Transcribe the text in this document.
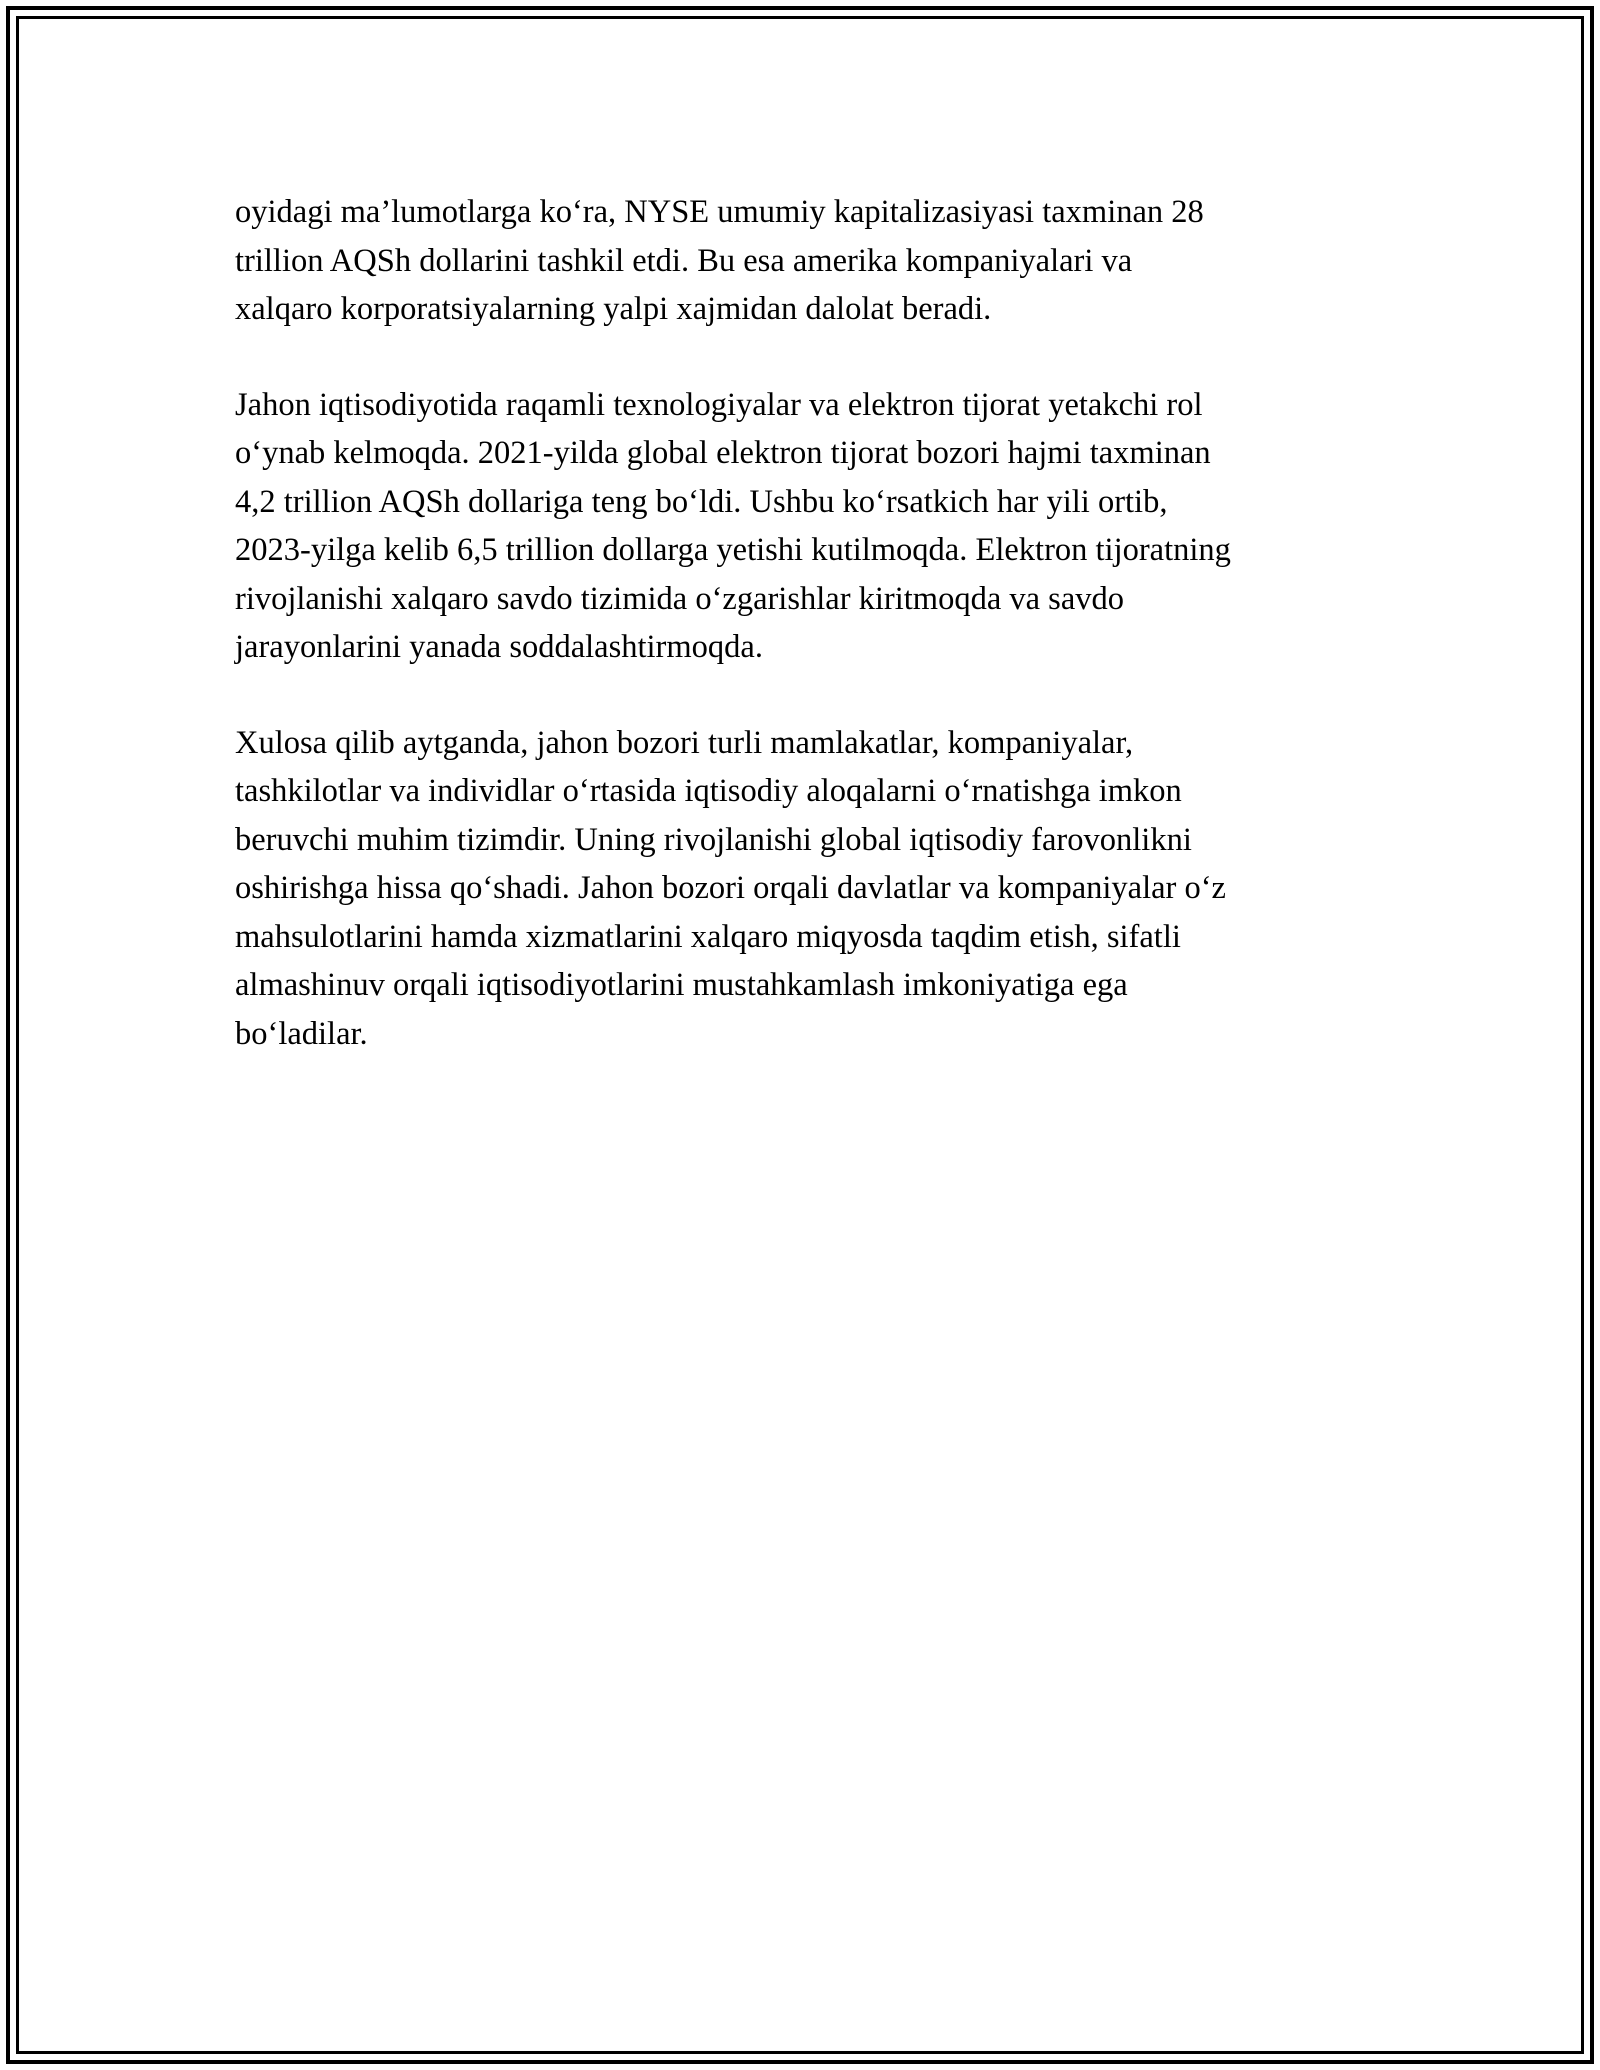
oyidagi ma’lumotlarga ko‘ra, NYSE umumiy kapitalizasiyasi taxminan 28
trillion AQSh dollarini tashkil etdi. Bu esa amerika kompaniyalari va
xalqaro korporatsiyalarning yalpi xajmidan dalolat beradi.

Jahon iqtisodiyotida raqamli texnologiyalar va elektron tijorat yetakchi rol
o‘ynab kelmoqda. 2021-yilda global elektron tijorat bozori hajmi taxminan
4,2 trillion AQSh dollariga teng bo‘ldi. Ushbu ko‘rsatkich har yili ortib,
2023-yilga kelib 6,5 trillion dollarga yetishi kutilmoqda. Elektron tijoratning
rivojlanishi xalqaro savdo tizimida o‘zgarishlar kiritmoqda va savdo
jarayonlarini yanada soddalashtirmoqda.

Xulosa qilib aytganda, jahon bozori turli mamlakatlar, kompaniyalar,
tashkilotlar va individlar o‘rtasida iqtisodiy aloqalarni o‘rnatishga imkon
beruvchi muhim tizimdir. Uning rivojlanishi global iqtisodiy farovonlikni
oshirishga hissa qo‘shadi. Jahon bozori orqali davlatlar va kompaniyalar o‘z
mahsulotlarini hamda xizmatlarini xalqaro miqyosda taqdim etish, sifatli
almashinuv orqali iqtisodiyotlarini mustahkamlash imkoniyatiga ega
bo‘ladilar.
